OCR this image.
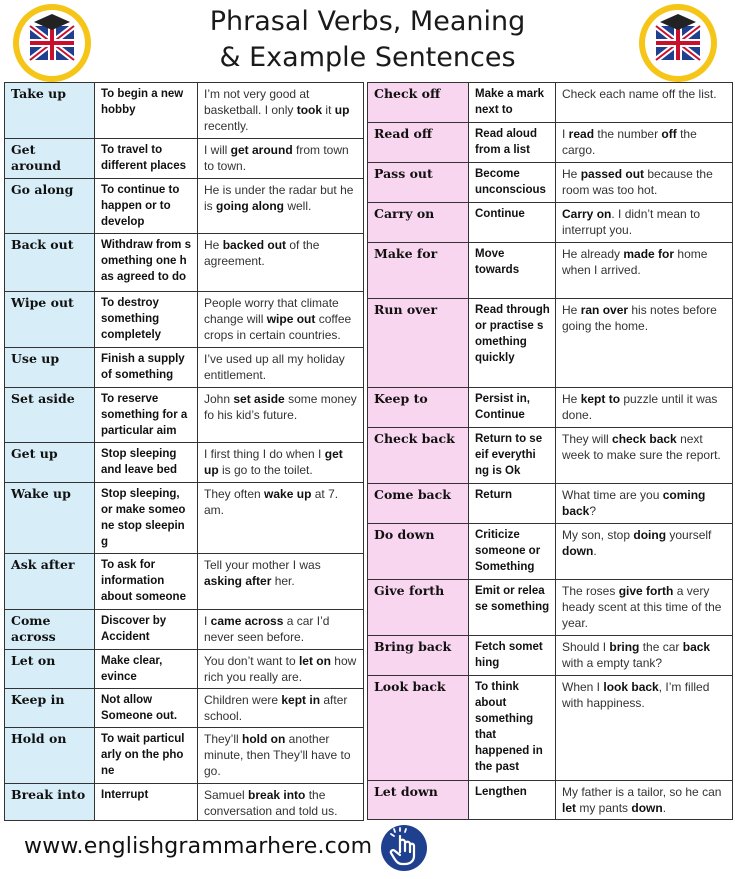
Phrasal Verbs, Meaning
& Example Sentences
Take up	To begin a new hobby	I’m not very good at basketball. I only took it up recently.
Get around	To travel to different places	I will get around from town to town.
Go along	To continue to happen or to develop	He is under the radar but he is going along well.
Back out	Withdraw from s omething one h as agreed to do	He backed out of the agreement.
Wipe out	To destroy something completely	People worry that climate change will wipe out coffee crops in certain countries.
Use up	Finish a supply of something	I’ve used up all my holiday entitlement.
Set aside	To reserve something for a particular aim	John set aside some money fo his kid’s future.
Get up	Stop sleeping and leave bed	I first thing I do when I get up is go to the toilet.
Wake up	Stop sleeping, or make someo ne stop sleepin g	They often wake up at 7. am.
Ask after	To ask for information about someone	Tell your mother I was asking after her.
Come across	Discover by Accident	I came across a car I’d never seen before.
Let on	Make clear, evince	You don’t want to let on how rich you really are.
Keep in	Not allow Someone out.	Children were kept in after school.
Hold on	To wait particul arly on the pho ne	They’ll hold on another minute, then They’ll have to go.
Break into	Interrupt	Samuel break into the conversation and told us.
Check off	Make a mark next to	Check each name off the list.
Read off	Read aloud from a list	I read the number off the cargo.
Pass out	Become unconscious	He passed out because the room was too hot.
Carry on	Continue	Carry on. I didn’t mean to interrupt you.
Make for	Move towards	He already made for home when I arrived.
Run over	Read through or practise s omething quickly	He ran over his notes before going the home.
Keep to	Persist in, Continue	He kept to puzzle until it was done.
Check back	Return to se eif everythi ng is Ok	They will check back next week to make sure the report.
Come back	Return	What time are you coming back?
Do down	Criticize someone or Something	My son, stop doing yourself down.
Give forth	Emit or relea se something	The roses give forth a very heady scent at this time of the year.
Bring back	Fetch somet hing	Should I bring the car back with a empty tank?
Look back	To think about something that happened in the past	When I look back, I’m filled with happiness.
Let down	Lengthen	My father is a tailor, so he can let my pants down.
www.englishgrammarhere.com
